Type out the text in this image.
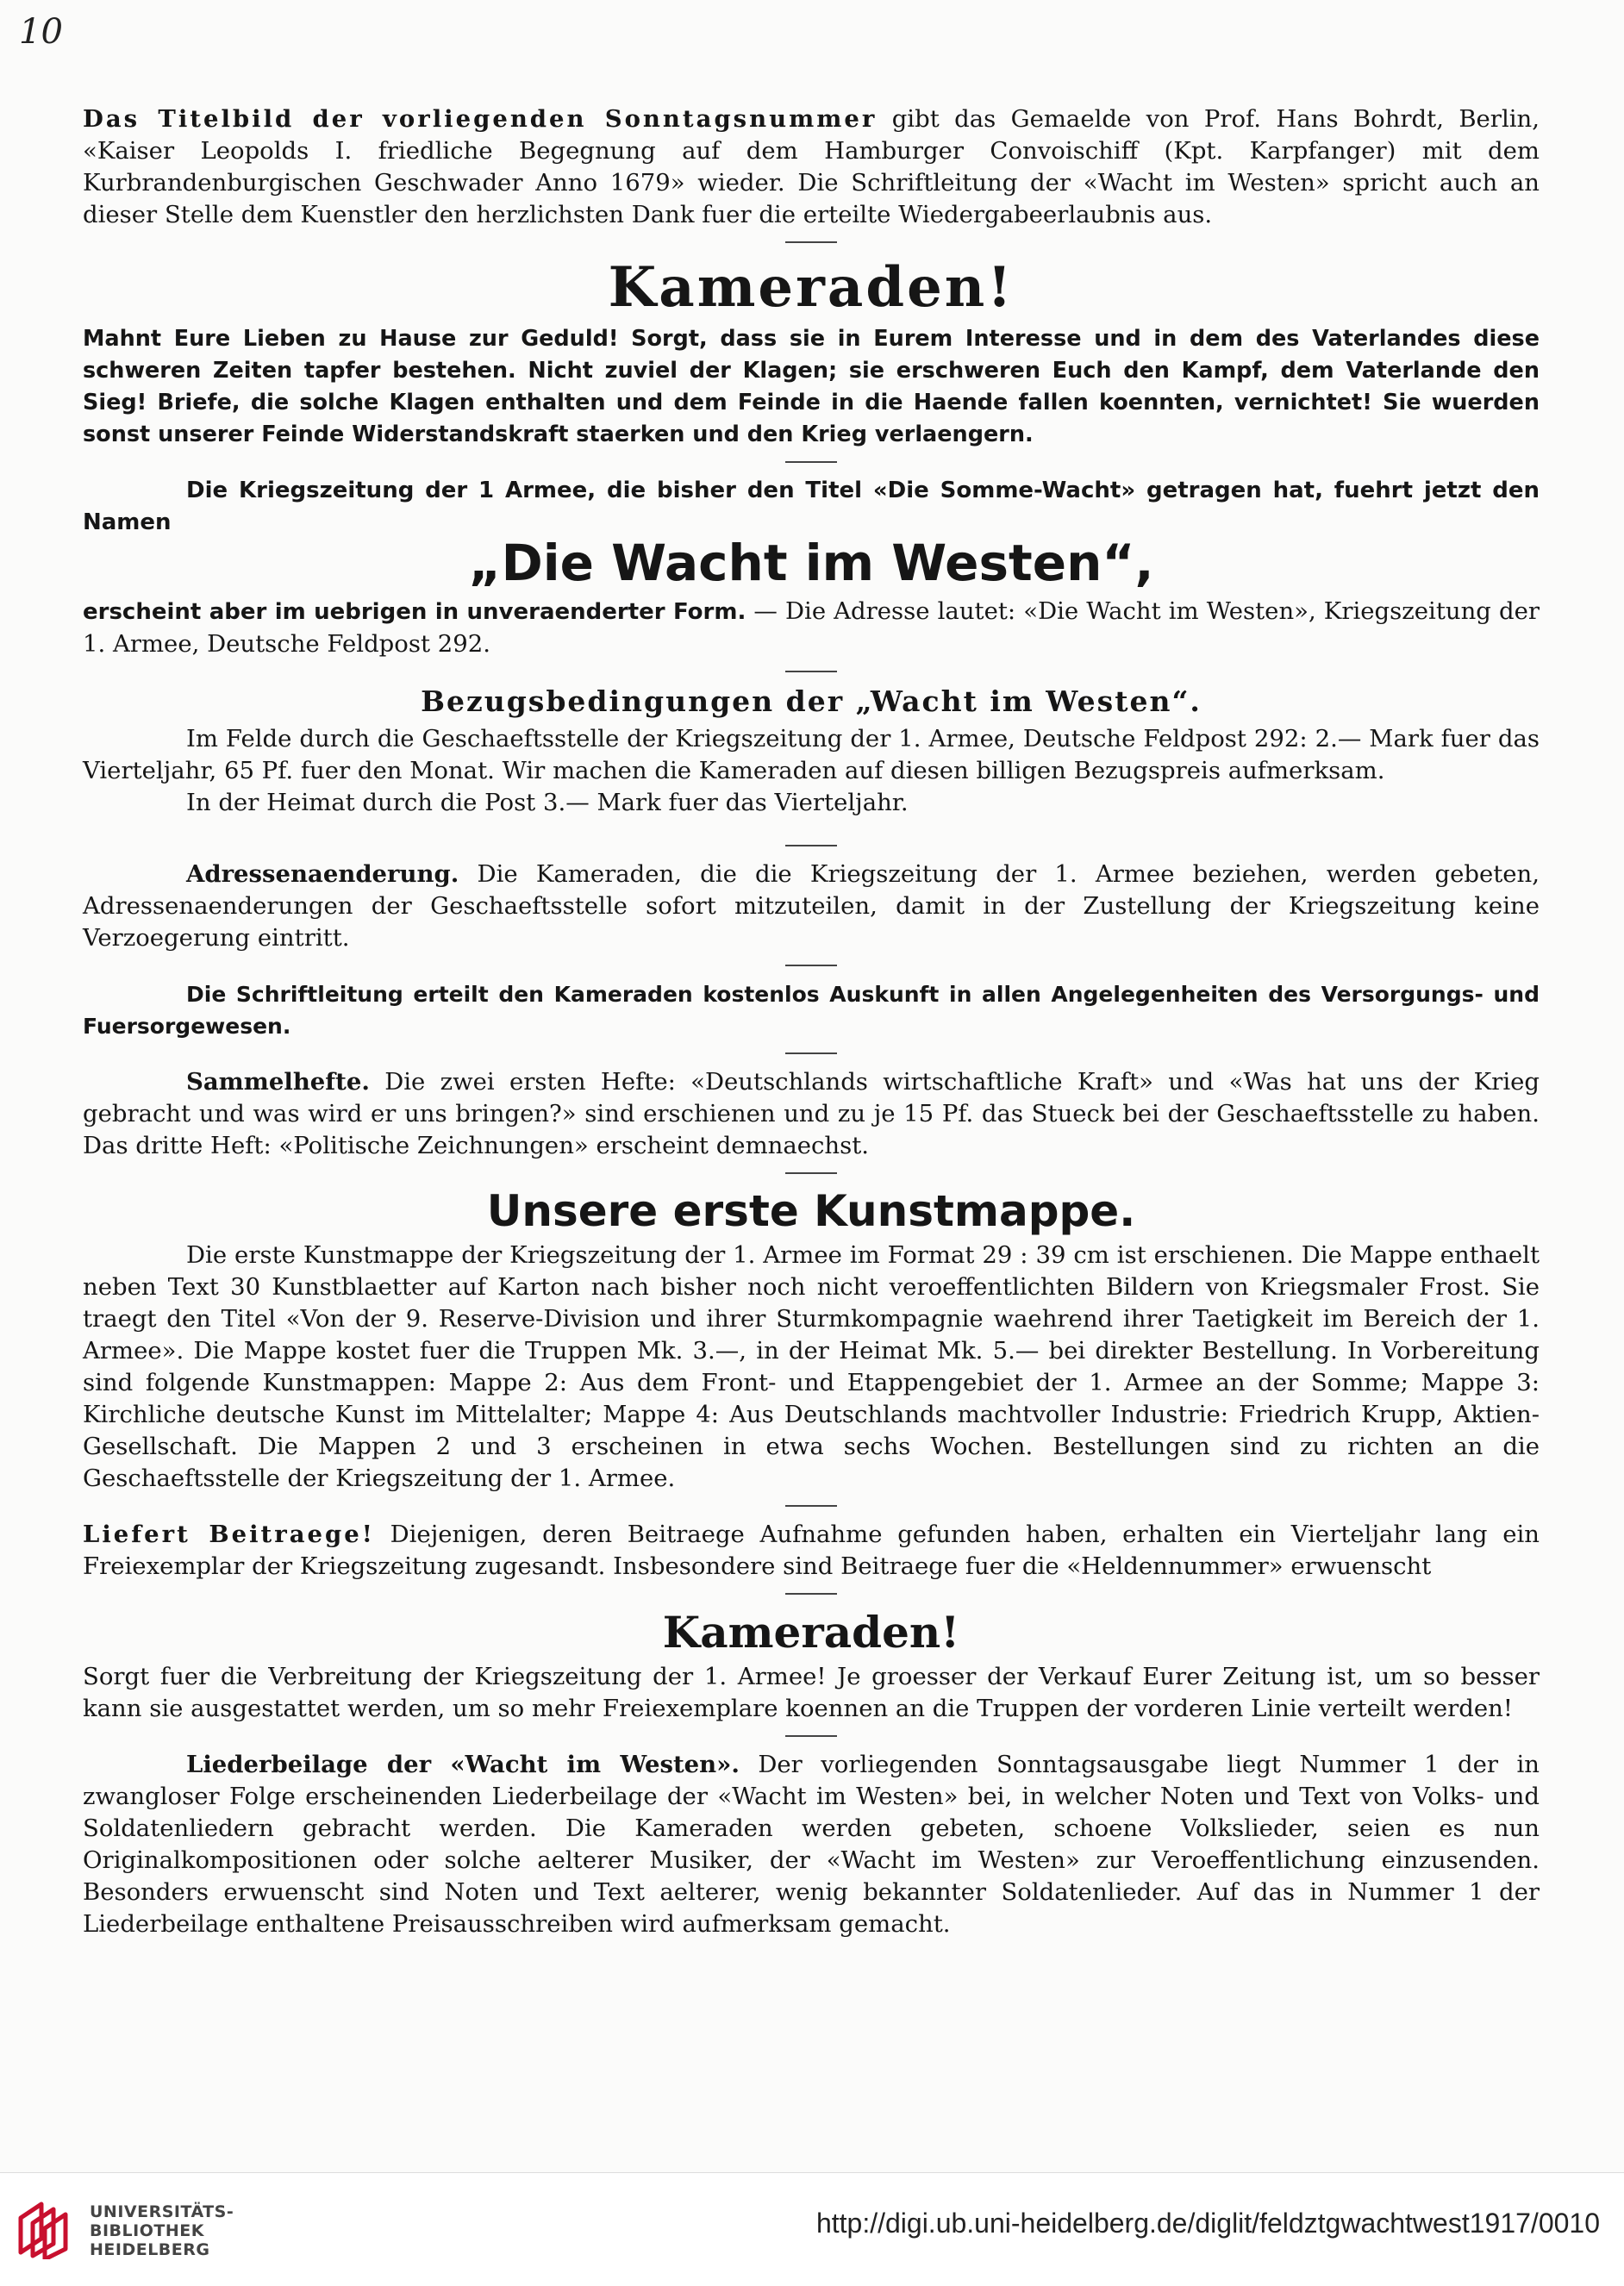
10

Das Titelbild der vorliegenden Sonntagsnummer gibt das Gemaelde von Prof. Hans Bohrdt, Berlin, «Kaiser Leopolds I. friedliche Begegnung auf dem Hamburger Convoischiff (Kpt. Karpfanger) mit dem Kurbrandenburgischen Geschwader Anno 1679» wieder. Die Schriftleitung der «Wacht im Westen» spricht auch an dieser Stelle dem Kuenstler den herzlichsten Dank fuer die erteilte Wiedergabeerlaubnis aus.

Kameraden!

Mahnt Eure Lieben zu Hause zur Geduld! Sorgt, dass sie in Eurem Interesse und in dem des Vaterlandes diese schweren Zeiten tapfer bestehen. Nicht zuviel der Klagen; sie erschweren Euch den Kampf, dem Vaterlande den Sieg! Briefe, die solche Klagen enthalten und dem Feinde in die Haende fallen koennten, vernichtet! Sie wuerden sonst unserer Feinde Widerstandskraft staerken und den Krieg verlaengern.

Die Kriegszeitung der 1 Armee, die bisher den Titel «Die Somme-Wacht» getragen hat, fuehrt jetzt den Namen

„Die Wacht im Westen“,

erscheint aber im uebrigen in unveraenderter Form. — Die Adresse lautet: «Die Wacht im Westen», Kriegszeitung der 1. Armee, Deutsche Feldpost 292.

Bezugsbedingungen der „Wacht im Westen“.

Im Felde durch die Geschaeftsstelle der Kriegszeitung der 1. Armee, Deutsche Feldpost 292: 2.— Mark fuer das Vierteljahr, 65 Pf. fuer den Monat. Wir machen die Kameraden auf diesen billigen Bezugspreis aufmerksam.

In der Heimat durch die Post 3.— Mark fuer das Vierteljahr.

Adressenaenderung. Die Kameraden, die die Kriegszeitung der 1. Armee beziehen, werden gebeten, Adressenaenderungen der Geschaeftsstelle sofort mitzuteilen, damit in der Zustellung der Kriegszeitung keine Verzoegerung eintritt.

Die Schriftleitung erteilt den Kameraden kostenlos Auskunft in allen Angelegenheiten des Versorgungs- und Fuersorgewesen.

Sammelhefte. Die zwei ersten Hefte: «Deutschlands wirtschaftliche Kraft» und «Was hat uns der Krieg gebracht und was wird er uns bringen?» sind erschienen und zu je 15 Pf. das Stueck bei der Geschaeftsstelle zu haben. Das dritte Heft: «Politische Zeichnungen» erscheint demnaechst.

Unsere erste Kunstmappe.

Die erste Kunstmappe der Kriegszeitung der 1. Armee im Format 29 : 39 cm ist erschienen. Die Mappe enthaelt neben Text 30 Kunstblaetter auf Karton nach bisher noch nicht veroeffentlichten Bildern von Kriegsmaler Frost. Sie traegt den Titel «Von der 9. Reserve-Division und ihrer Sturmkompagnie waehrend ihrer Taetigkeit im Bereich der 1. Armee». Die Mappe kostet fuer die Truppen Mk. 3.—, in der Heimat Mk. 5.— bei direkter Bestellung. In Vorbereitung sind folgende Kunstmappen: Mappe 2: Aus dem Front- und Etappengebiet der 1. Armee an der Somme; Mappe 3: Kirchliche deutsche Kunst im Mittelalter; Mappe 4: Aus Deutschlands machtvoller Industrie: Friedrich Krupp, Aktien-Gesellschaft. Die Mappen 2 und 3 erscheinen in etwa sechs Wochen. Bestellungen sind zu richten an die Geschaeftsstelle der Kriegszeitung der 1. Armee.

Liefert Beitraege! Diejenigen, deren Beitraege Aufnahme gefunden haben, erhalten ein Vierteljahr lang ein Freiexemplar der Kriegszeitung zugesandt. Insbesondere sind Beitraege fuer die «Heldennummer» erwuenscht

Kameraden!

Sorgt fuer die Verbreitung der Kriegszeitung der 1. Armee! Je groesser der Verkauf Eurer Zeitung ist, um so besser kann sie ausgestattet werden, um so mehr Freiexemplare koennen an die Truppen der vorderen Linie verteilt werden!

Liederbeilage der «Wacht im Westen». Der vorliegenden Sonntagsausgabe liegt Nummer 1 der in zwangloser Folge erscheinenden Liederbeilage der «Wacht im Westen» bei, in welcher Noten und Text von Volks- und Soldatenliedern gebracht werden. Die Kameraden werden gebeten, schoene Volkslieder, seien es nun Originalkompositionen oder solche aelterer Musiker, der «Wacht im Westen» zur Veroeffentlichung einzusenden. Besonders erwuenscht sind Noten und Text aelterer, wenig bekannter Soldatenlieder. Auf das in Nummer 1 der Liederbeilage enthaltene Preisausschreiben wird aufmerksam gemacht.

UNIVERSITÄTS-
BIBLIOTHEK
HEIDELBERG
http://digi.ub.uni-heidelberg.de/diglit/feldztgwachtwest1917/0010
